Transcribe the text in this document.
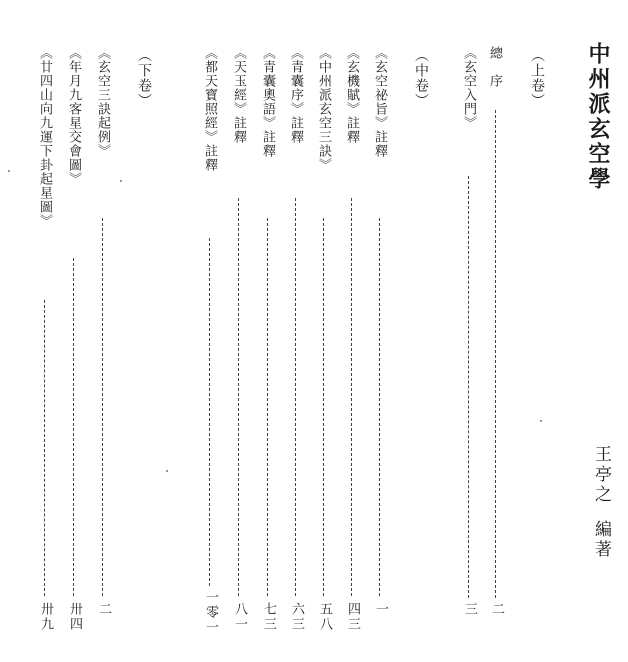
中州派玄空學
王亭之
編著
（上卷）
總　序
二
《玄空入門》
三
（中卷）
《玄空祕旨》註釋
一
《玄機賦》註釋
四三
《中州派玄空三訣》
五八
《青囊序》註釋
六三
《青囊奧語》註釋
七三
《天玉經》註釋
八一
《都天寶照經》註釋
一零一
（下卷）
《玄空三訣起例》
二
《年月九客星交會圖》
卅四
《廿四山向九運下卦起星圖》
卅九
